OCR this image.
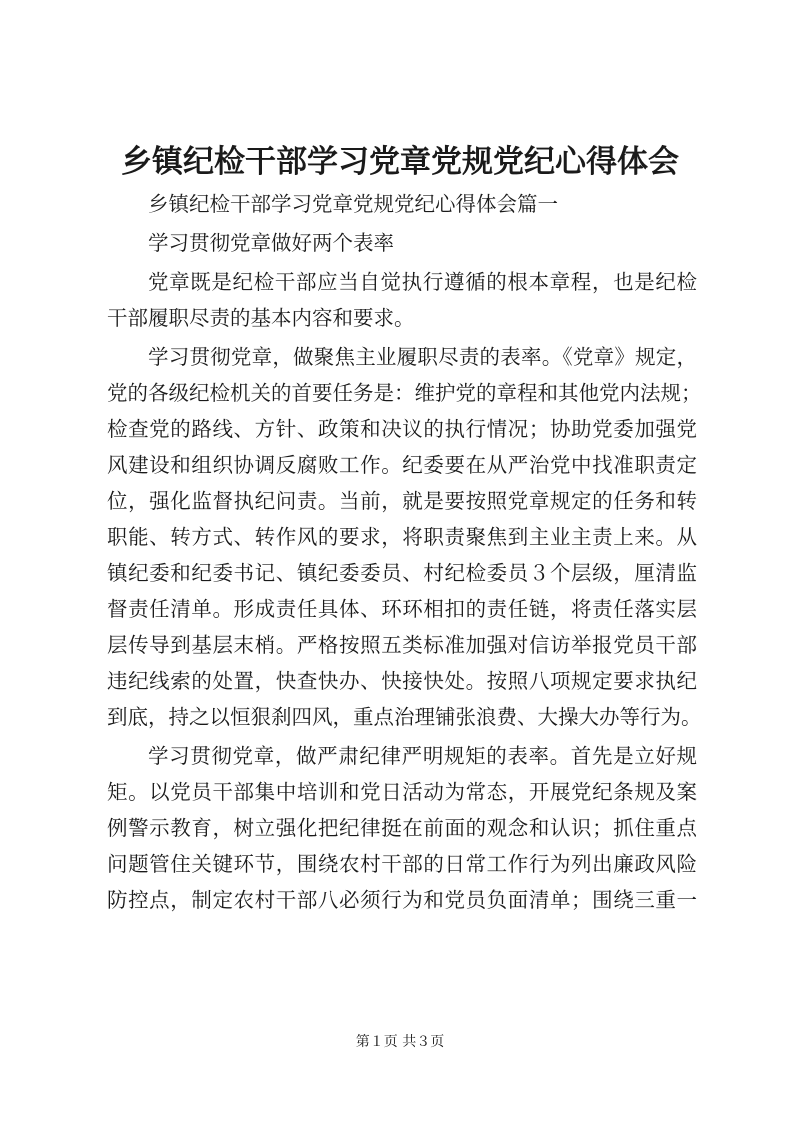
乡镇纪检干部学习党章党规党纪心得体会

乡镇纪检干部学习党章党规党纪心得体会篇一

学习贯彻党章做好两个表率

党章既是纪检干部应当自觉执行遵循的根本章程，也是纪检
干部履职尽责的基本内容和要求。

学习贯彻党章，做聚焦主业履职尽责的表率。《党章》规定，
党的各级纪检机关的首要任务是：维护党的章程和其他党内法规；
检查党的路线、方针、政策和决议的执行情况；协助党委加强党
风建设和组织协调反腐败工作。纪委要在从严治党中找准职责定
位，强化监督执纪问责。当前，就是要按照党章规定的任务和转
职能、转方式、转作风的要求，将职责聚焦到主业主责上来。从
镇纪委和纪委书记、镇纪委委员、村纪检委员３个层级，厘清监
督责任清单。形成责任具体、环环相扣的责任链，将责任落实层
层传导到基层末梢。严格按照五类标准加强对信访举报党员干部
违纪线索的处置，快查快办、快接快处。按照八项规定要求执纪
到底，持之以恒狠刹四风，重点治理铺张浪费、大操大办等行为。

学习贯彻党章，做严肃纪律严明规矩的表率。首先是立好规
矩。以党员干部集中培训和党日活动为常态，开展党纪条规及案
例警示教育，树立强化把纪律挺在前面的观念和认识；抓住重点
问题管住关键环节，围绕农村干部的日常工作行为列出廉政风险
防控点，制定农村干部八必须行为和党员负面清单；围绕三重一

第１页 共３页
